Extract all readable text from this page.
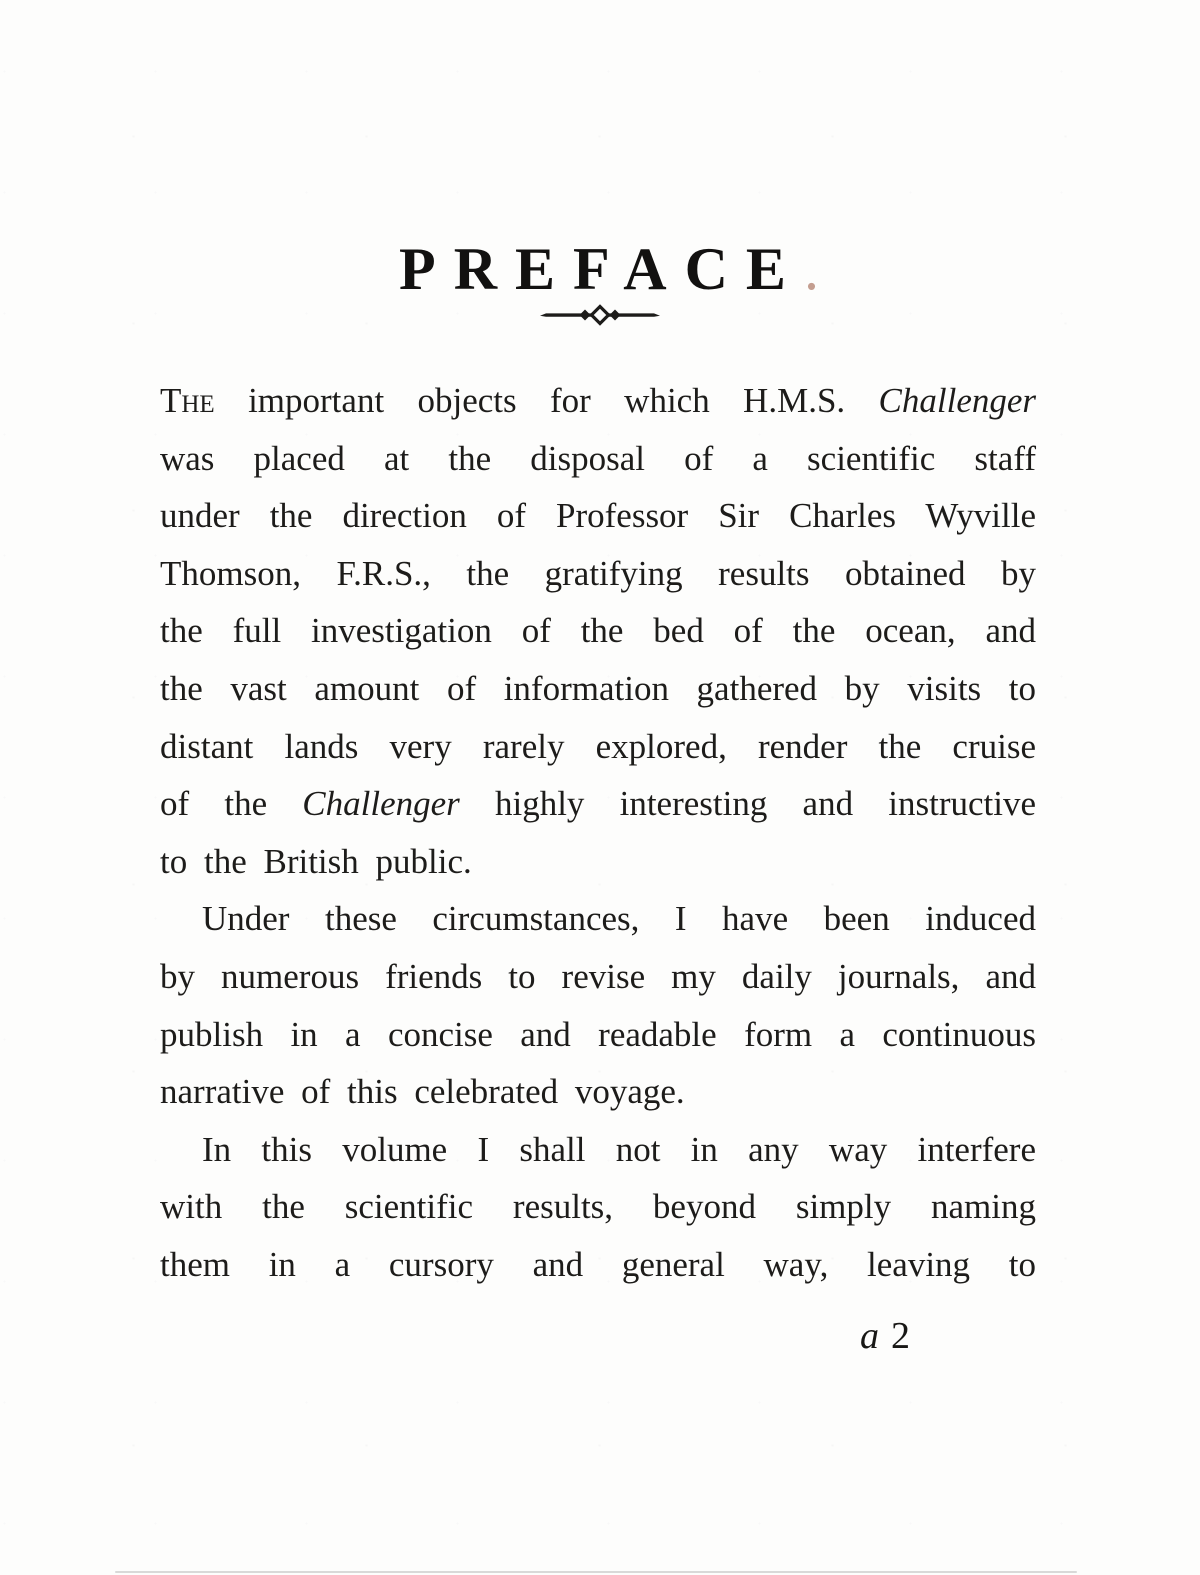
PREFACE.
The important objects for which H.M.S. Challenger
was placed at the disposal of a scientific staff
under the direction of Professor Sir Charles Wyville
Thomson, F.R.S., the gratifying results obtained by
the full investigation of the bed of the ocean, and
the vast amount of information gathered by visits to
distant lands very rarely explored, render the cruise
of the Challenger highly interesting and instructive
to the British public.
Under these circumstances, I have been induced
by numerous friends to revise my daily journals, and
publish in a concise and readable form a continuous
narrative of this celebrated voyage.
In this volume I shall not in any way interfere
with the scientific results, beyond simply naming
them in a cursory and general way, leaving to
a 2
